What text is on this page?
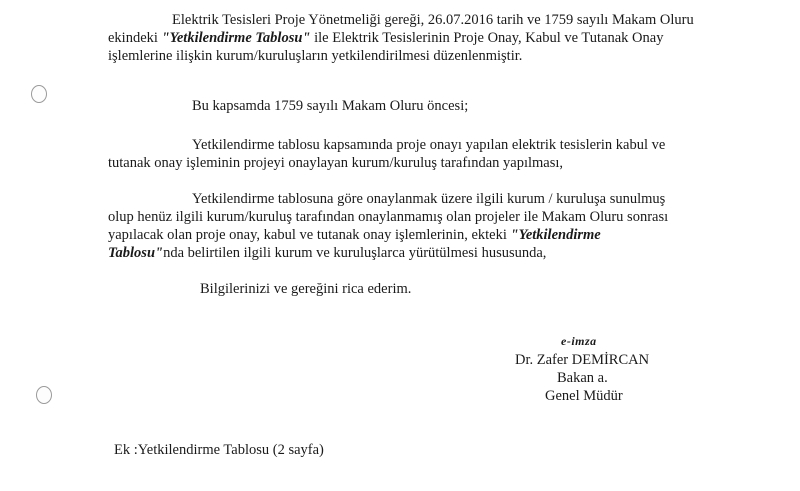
Elektrik Tesisleri Proje Yönetmeliği gereği, 26.07.2016 tarih ve 1759 sayılı Makam Oluru
ekindeki "Yetkilendirme Tablosu" ile Elektrik Tesislerinin Proje Onay, Kabul ve Tutanak Onay
işlemlerine ilişkin kurum/kuruluşların yetkilendirilmesi düzenlenmiştir.
Bu kapsamda 1759 sayılı Makam Oluru öncesi;
Yetkilendirme tablosu kapsamında proje onayı yapılan elektrik tesislerin kabul ve
tutanak onay işleminin projeyi onaylayan kurum/kuruluş tarafından yapılması,
Yetkilendirme tablosuna göre onaylanmak üzere ilgili kurum / kuruluşa sunulmuş
olup henüz ilgili kurum/kuruluş tarafından onaylanmamış olan projeler ile Makam Oluru sonrası
yapılacak olan proje onay, kabul ve tutanak onay işlemlerinin, ekteki "Yetkilendirme
Tablosu"nda belirtilen ilgili kurum ve kuruluşlarca yürütülmesi hususunda,
Bilgilerinizi ve gereğini rica ederim.
e-imza
Dr. Zafer DEMİRCAN
Bakan a.
Genel Müdür
Ek :Yetkilendirme Tablosu (2 sayfa)
